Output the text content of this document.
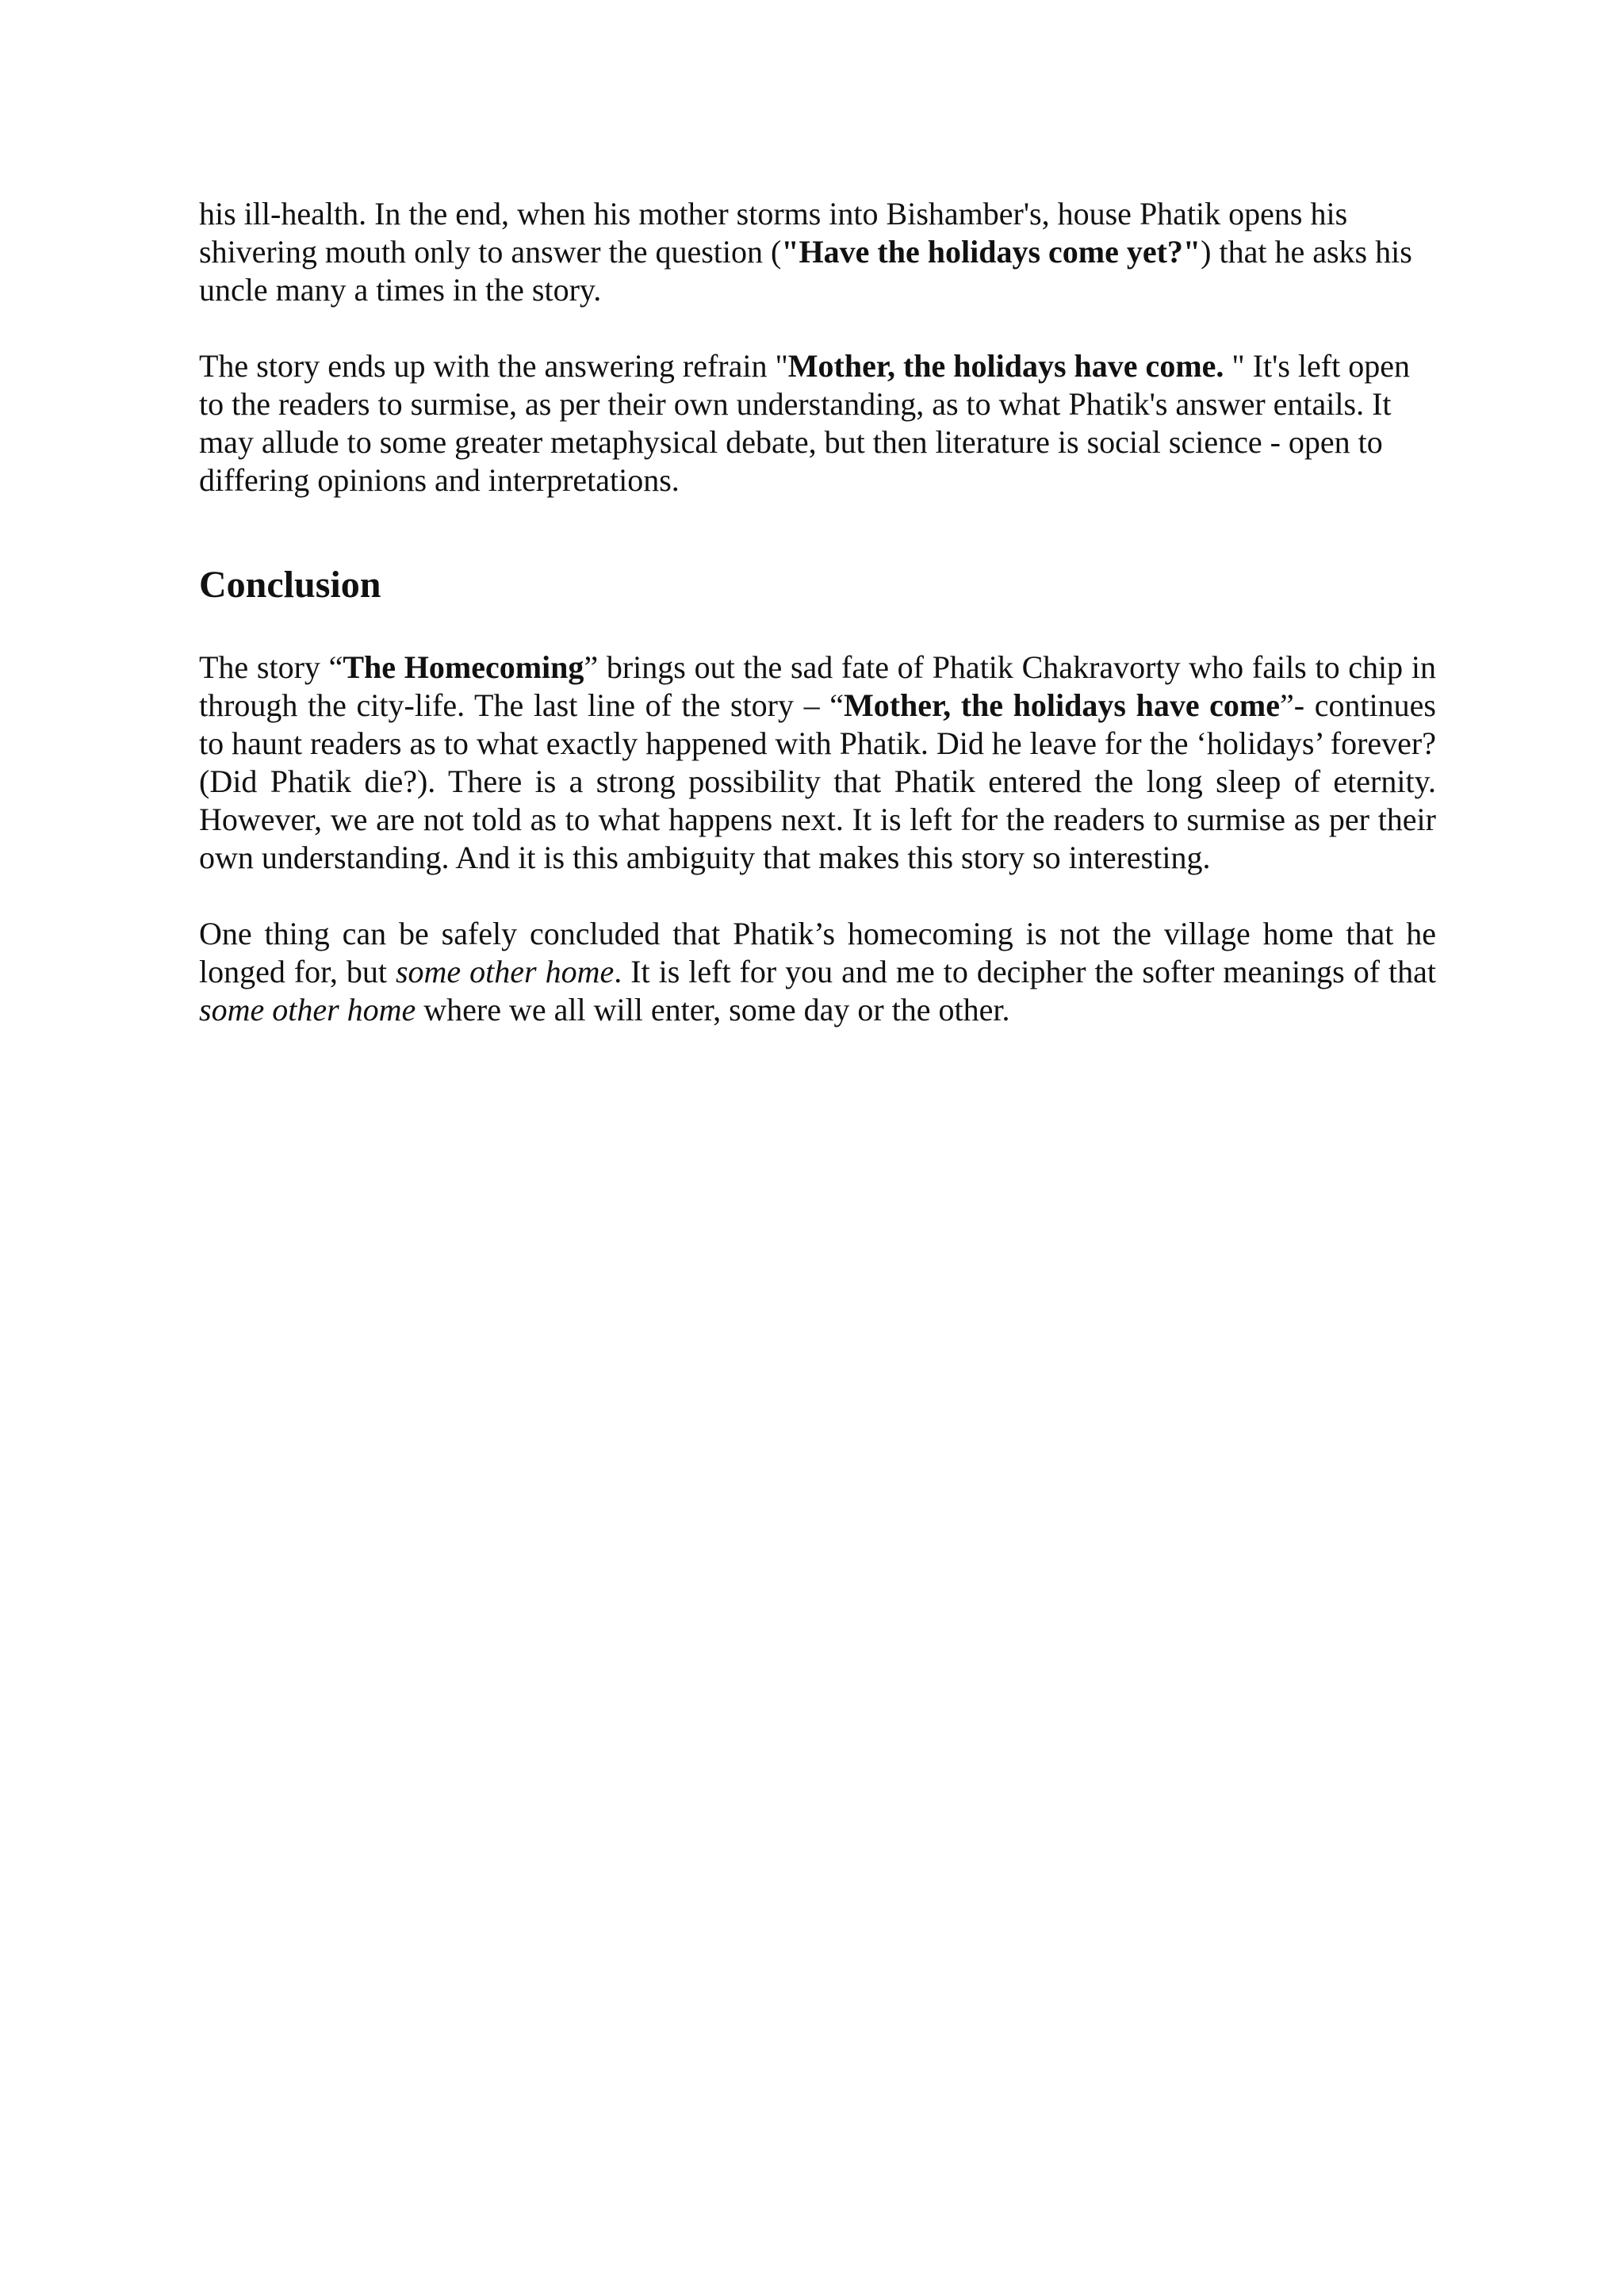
his ill-health. In the end, when his mother storms into Bishamber's, house Phatik opens his shivering mouth only to answer the question ("Have the holidays come yet?") that he asks his uncle many a times in the story.

The story ends up with the answering refrain "Mother, the holidays have come. " It's left open to the readers to surmise, as per their own understanding, as to what Phatik's answer entails. It may allude to some greater metaphysical debate, but then literature is social science - open to differing opinions and interpretations.

Conclusion

The story “The Homecoming” brings out the sad fate of Phatik Chakravorty who fails to chip in through the city-life. The last line of the story – “Mother, the holidays have come”- continues to haunt readers as to what exactly happened with Phatik. Did he leave for the ‘holidays’ forever? (Did Phatik die?). There is a strong possibility that Phatik entered the long sleep of eternity. However, we are not told as to what happens next. It is left for the readers to surmise as per their own understanding. And it is this ambiguity that makes this story so interesting.

One thing can be safely concluded that Phatik’s homecoming is not the village home that he longed for, but some other home. It is left for you and me to decipher the softer meanings of that some other home where we all will enter, some day or the other.
